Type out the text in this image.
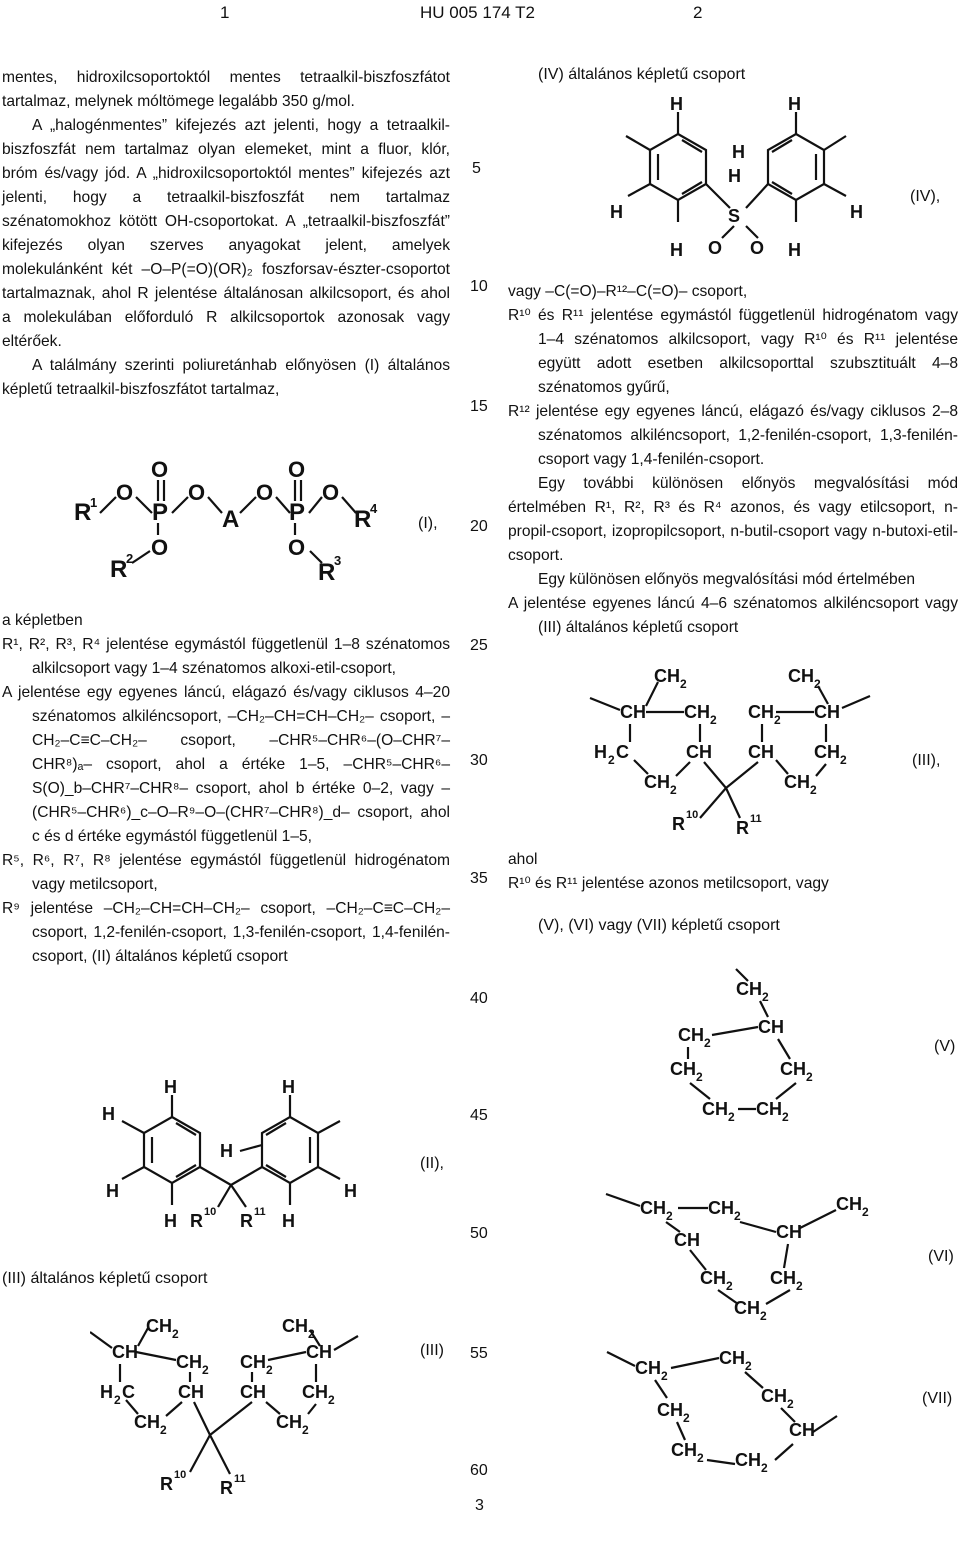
1	HU 005 174 T2	2

mentes, hidroxilcsoportoktól mentes tetraalkil-biszfoszfátot tartalmaz, melynek móltömege legalább 350 g/mol.

A „halogénmentes” kifejezés azt jelenti, hogy a tetraalkil-biszfoszfát nem tartalmaz olyan elemeket, mint a fluor, klór, bróm és/vagy jód. A „hidroxilcsoportoktól mentes” kifejezés azt jelenti, hogy a tetraalkil-biszfoszfát nem tartalmaz szénatomokhoz kötött OH-csoportokat. A „tetraalkil-biszfoszfát” kifejezés olyan szerves anyagokat jelent, amelyek molekulánként két –O–P(=O)(OR)₂ foszforsav-észter-csoportot tartalmaznak, ahol R jelentése általánosan alkilcsoport, és ahol a molekulában előforduló R alkilcsoportok azonosak vagy eltérőek.

A találmány szerinti poliuretánhab előnyösen (I) általános képletű tetraalkil-biszfoszfátot tartalmaz,

R
1 O
P
O
O
A
O
P
O
O
R
4
O
R
2	O
R
3
(I),

a képletben

R¹, R², R³, R⁴ jelentése egymástól függetlenül 1–8 szénatomos alkilcsoport vagy 1–4 szénatomos alkoxi-etil-csoport,

A jelentése egy egyenes láncú, elágazó és/vagy ciklusos 4–20 szénatomos alkiléncsoport, –CH₂–CH=CH–CH₂– csoport, –CH₂–C≡C–CH₂– csoport, –CHR⁵–CHR⁶–(O–CHR⁷–CHR⁸)ₐ– csoport, ahol a értéke 1–5, –CHR⁵–CHR⁶–S(O)_b–CHR⁷–CHR⁸– csoport, ahol b értéke 0–2, vagy –(CHR⁵–CHR⁶)_c–O–R⁹–O–(CHR⁷–CHR⁸)_d– csoport, ahol c és d értéke egymástól függetlenül 1–5,

R⁵, R⁶, R⁷, R⁸ jelentése egymástól függetlenül hidrogénatom vagy metilcsoport,

R⁹ jelentése –CH₂–CH=CH–CH₂– csoport, –CH₂–C≡C–CH₂– csoport, 1,2-fenilén-csoport, 1,3-fenilén-csoport, 1,4-fenilén-csoport, (II) általános képletű csoport

H
H
H
H
H
H
H
H
R 10 R 11
(II),
(III) általános képletű csoport
CH 2
CH CH 2 CH 2
CH
CH 2
H 2 C CH CH CH 2
CH 2	CH 2
R 10
R 11
(III)
5
10
15
20
25
30
35
40
45
50
55
60
(IV) általános képletű csoport
S
O O
H
H
H
H
H
H
H
H
(IV),

vagy –C(=O)–R¹²–C(=O)– csoport,

R¹⁰ és R¹¹ jelentése egymástól függetlenül hidrogénatom vagy 1–4 szénatomos alkilcsoport, vagy R¹⁰ és R¹¹ jelentése együtt adott esetben alkilcsoporttal szubsztituált 4–8 szénatomos gyűrű,

R¹² jelentése egy egyenes láncú, elágazó és/vagy ciklusos 2–8 szénatomos alkiléncsoport, 1,2-fenilén-csoport, 1,3-fenilén-csoport vagy 1,4-fenilén-csoport.

Egy további különösen előnyös megvalósítási mód értelmében R¹, R², R³ és R⁴ azonos, és vagy etilcsoport, n-propil-csoport, izopropilcsoport, n-butil-csoport vagy n-butoxi-etil-csoport.

Egy különösen előnyös megvalósítási mód értelmében

A jelentése egyenes láncú 4–6 szénatomos alkiléncsoport vagy (III) általános képletű csoport

CH 2
CH CH 2 CH 2 CH
CH 2
H 2 C	CH CH CH 2
CH 2	CH 2
R 10
R 11
(III),

ahol

R¹⁰ és R¹¹ jelentése azonos metilcsoport, vagy

(V), (VI) vagy (VII) képletű csoport
CH 2
CH 2
CH
CH 2	CH 2
CH 2 CH 2
(V)
CH 2 CH 2
CH 2
CH
CH
CH 2 CH 2
CH 2
(VI)
CH 2
CH 2
CH 2
CH 2
CH
CH 2 CH 2
(VII)
3
